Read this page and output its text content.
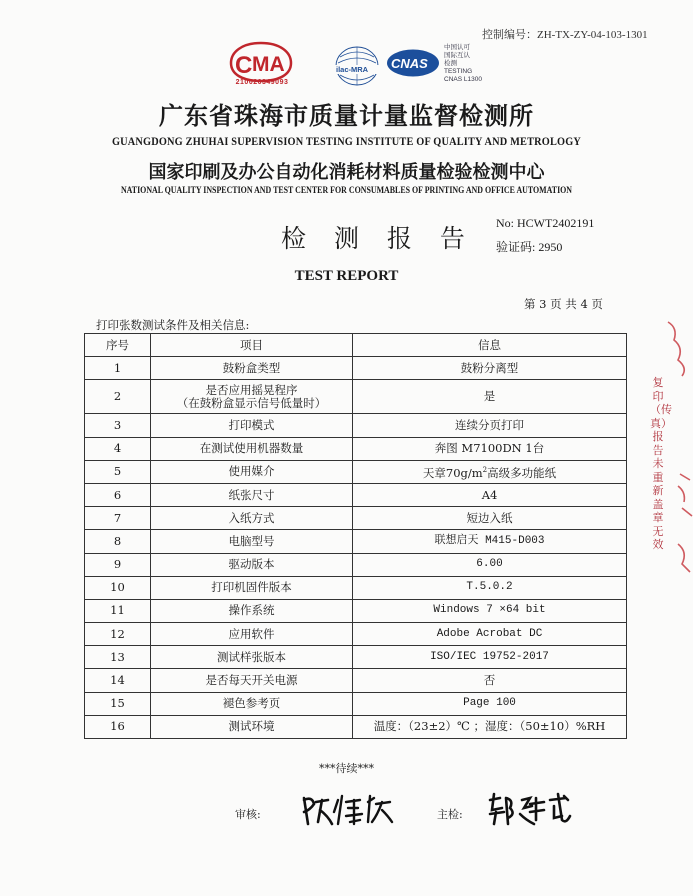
控制编号：ZH-TX-ZY-04-103-1301
C MA
210020349093
ilac-MRA CNAS
中国认可
国际互认
检测
TESTING
CNAS L1300
广东省珠海市质量计量监督检测所
GUANGDONG ZHUHAI SUPERVISION TESTING INSTITUTE OF QUALITY AND METROLOGY
国家印刷及办公自动化消耗材料质量检验检测中心
NATIONAL QUALITY INSPECTION AND TEST CENTER FOR CONSUMABLES OF PRINTING AND OFFICE AUTOMATION
检 测 报 告
No: HCWT2402191
验证码: 2950
TEST REPORT
第 3 页 共 4 页
打印张数测试条件及相关信息:
序号	项目	信息
1	鼓粉盒类型	鼓粉分离型
2	是否应用摇晃程序
（在鼓粉盒显示信号低量时）	是
3	打印模式	连续分页打印
4	在测试使用机器数量	奔图 M7100DN 1台
5	使用媒介	天章$70g/m^2$高级多功能纸
6	纸张尺寸	A4
7	入纸方式	短边入纸
8	电脑型号	联想启天 M415-D003
9	驱动版本	6.00
10	打印机固件版本	T.5.0.2
11	操作系统	Windows 7 ×64 bit
12	应用软件	Adobe Acrobat DC
13	测试样张版本	ISO/IEC 19752-2017
14	是否每天开关电源	否
15	褪色参考页	Page 100
16	测试环境	温度：（23±2）℃ ；湿度：（50±10）%RH
***待续***
审核:	主检:
复印（传真）报告未重新盖章无效
